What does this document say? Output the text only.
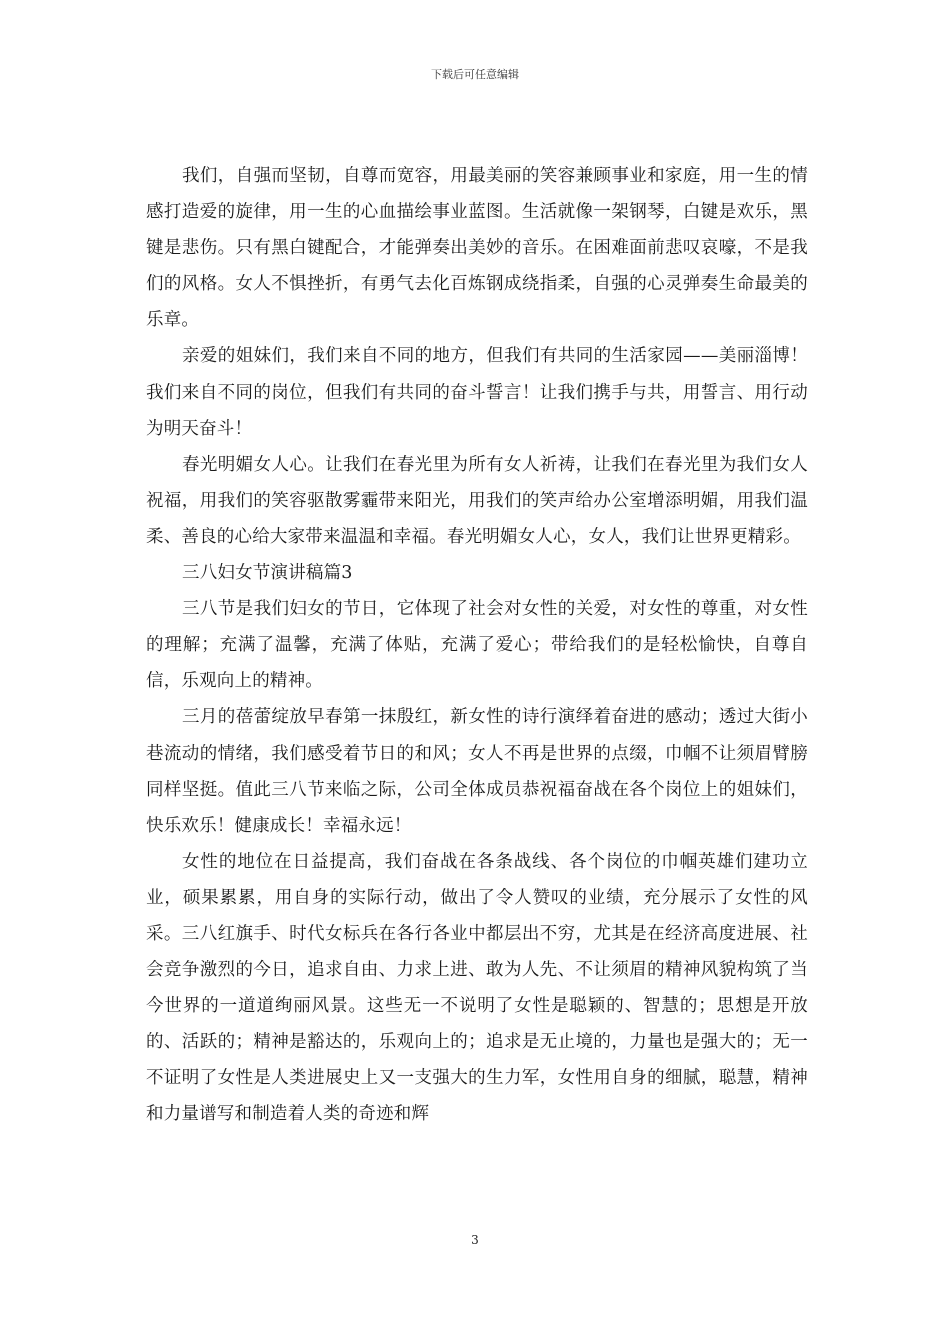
下载后可任意编辑

我们，自强而坚韧，自尊而宽容，用最美丽的笑容兼顾事业和家庭，用一生的情感打造爱的旋律，用一生的心血描绘事业蓝图。生活就像一架钢琴，白键是欢乐，黑键是悲伤。只有黑白键配合，才能弹奏出美妙的音乐。在困难面前悲叹哀嚎，不是我们的风格。女人不惧挫折，有勇气去化百炼钢成绕指柔，自强的心灵弹奏生命最美的乐章。

亲爱的姐妹们，我们来自不同的地方，但我们有共同的生活家园——美丽淄博！我们来自不同的岗位，但我们有共同的奋斗誓言！让我们携手与共，用誓言、用行动为明天奋斗！

春光明媚女人心。让我们在春光里为所有女人祈祷，让我们在春光里为我们女人祝福，用我们的笑容驱散雾霾带来阳光，用我们的笑声给办公室增添明媚，用我们温柔、善良的心给大家带来温温和幸福。春光明媚女人心，女人，我们让世界更精彩。

三八妇女节演讲稿篇3

三八节是我们妇女的节日，它体现了社会对女性的关爱，对女性的尊重，对女性的理解；充满了温馨，充满了体贴，充满了爱心；带给我们的是轻松愉快，自尊自信，乐观向上的精神。

三月的蓓蕾绽放早春第一抹殷红，新女性的诗行演绎着奋进的感动；透过大街小巷流动的情绪，我们感受着节日的和风；女人不再是世界的点缀，巾帼不让须眉臂膀同样坚挺。值此三八节来临之际，公司全体成员恭祝福奋战在各个岗位上的姐妹们，快乐欢乐！健康成长！幸福永远！

女性的地位在日益提高，我们奋战在各条战线、各个岗位的巾帼英雄们建功立业，硕果累累，用自身的实际行动，做出了令人赞叹的业绩，充分展示了女性的风采。三八红旗手、时代女标兵在各行各业中都层出不穷，尤其是在经济高度进展、社会竞争激烈的今日，追求自由、力求上进、敢为人先、不让须眉的精神风貌构筑了当今世界的一道道绚丽风景。这些无一不说明了女性是聪颖的、智慧的；思想是开放的、活跃的；精神是豁达的，乐观向上的；追求是无止境的，力量也是强大的；无一不证明了女性是人类进展史上又一支强大的生力军，女性用自身的细腻，聪慧，精神和力量谱写和制造着人类的奇迹和辉

3
